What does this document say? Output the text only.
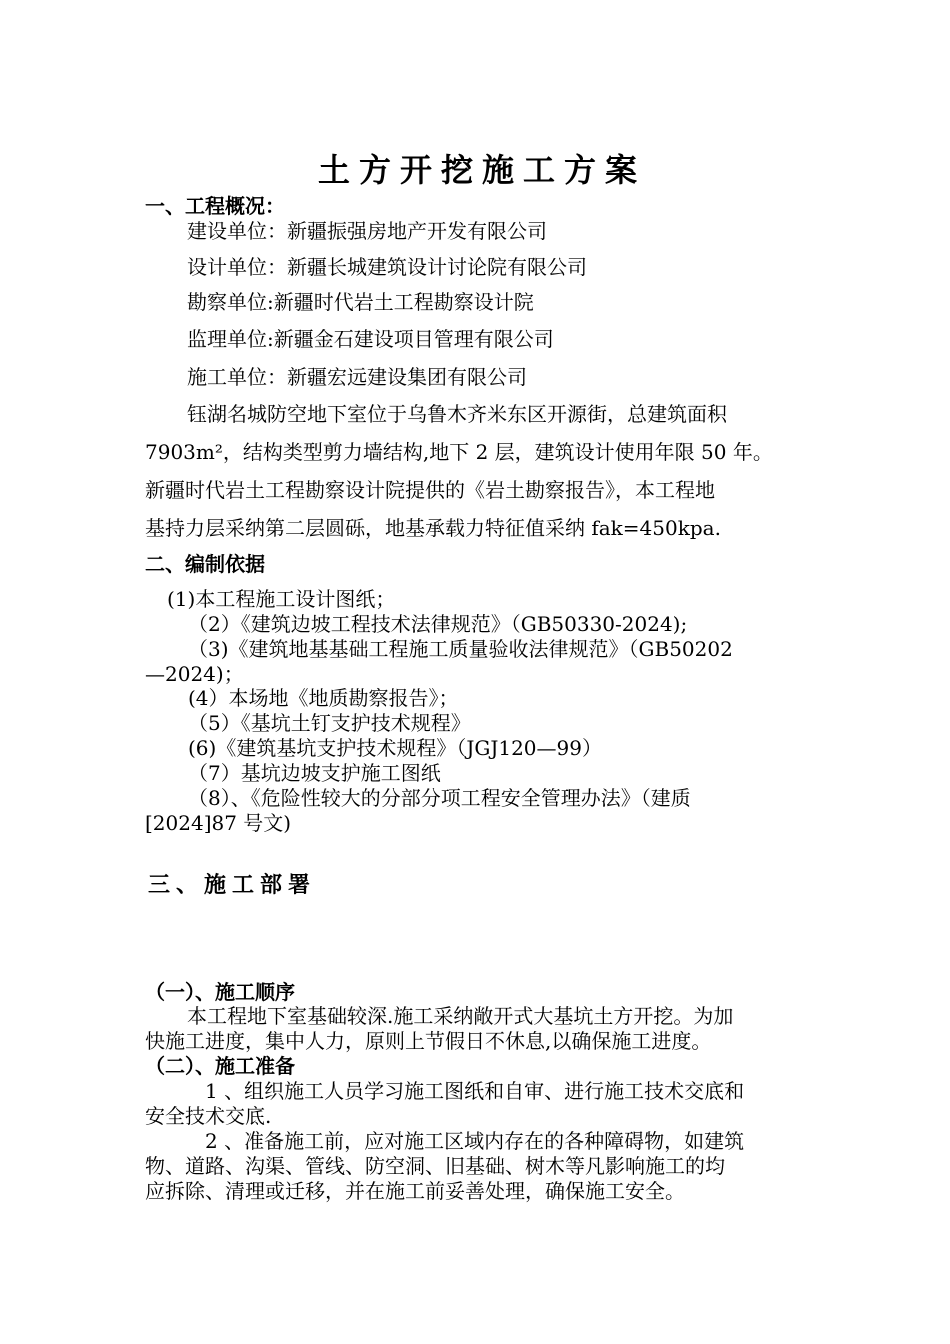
土方开挖施工方案
一、工程概况：
建设单位：新疆振强房地产开发有限公司
设计单位：新疆长城建筑设计讨论院有限公司
勘察单位:新疆时代岩土工程勘察设计院
监理单位:新疆金石建设项目管理有限公司
施工单位：新疆宏远建设集团有限公司
钰湖名城防空地下室位于乌鲁木齐米东区开源街，总建筑面积
7903m²，结构类型剪力墙结构,地下 2 层，建筑设计使用年限 50 年。
新疆时代岩土工程勘察设计院提供的《岩土勘察报告》，本工程地
基持力层采纳第二层圆砾，地基承载力特征值采纳 fak=450kpa.
二、编制依据
(1)本工程施工设计图纸；
（2）《建筑边坡工程技术法律规范》（GB50330-2024);
（3)《建筑地基基础工程施工质量验收法律规范》（GB50202
—2024)；
(4）本场地《地质勘察报告》；
（5）《基坑土钉支护技术规程》
(6)《建筑基坑支护技术规程》（JGJ120—99）
（7）基坑边坡支护施工图纸
（8）、《危险性较大的分部分项工程安全管理办法》（建质
[2024]87 号文)
三、施工部署
（一）、施工顺序
本工程地下室基础较深.施工采纳敞开式大基坑土方开挖。为加
快施工进度，集中人力，原则上节假日不休息,以确保施工进度。
（二）、施工准备
1 、组织施工人员学习施工图纸和自审、进行施工技术交底和
安全技术交底.
2 、准备施工前，应对施工区域内存在的各种障碍物，如建筑
物、道路、沟渠、管线、防空洞、旧基础、树木等凡影响施工的均
应拆除、清理或迁移，并在施工前妥善处理，确保施工安全。
